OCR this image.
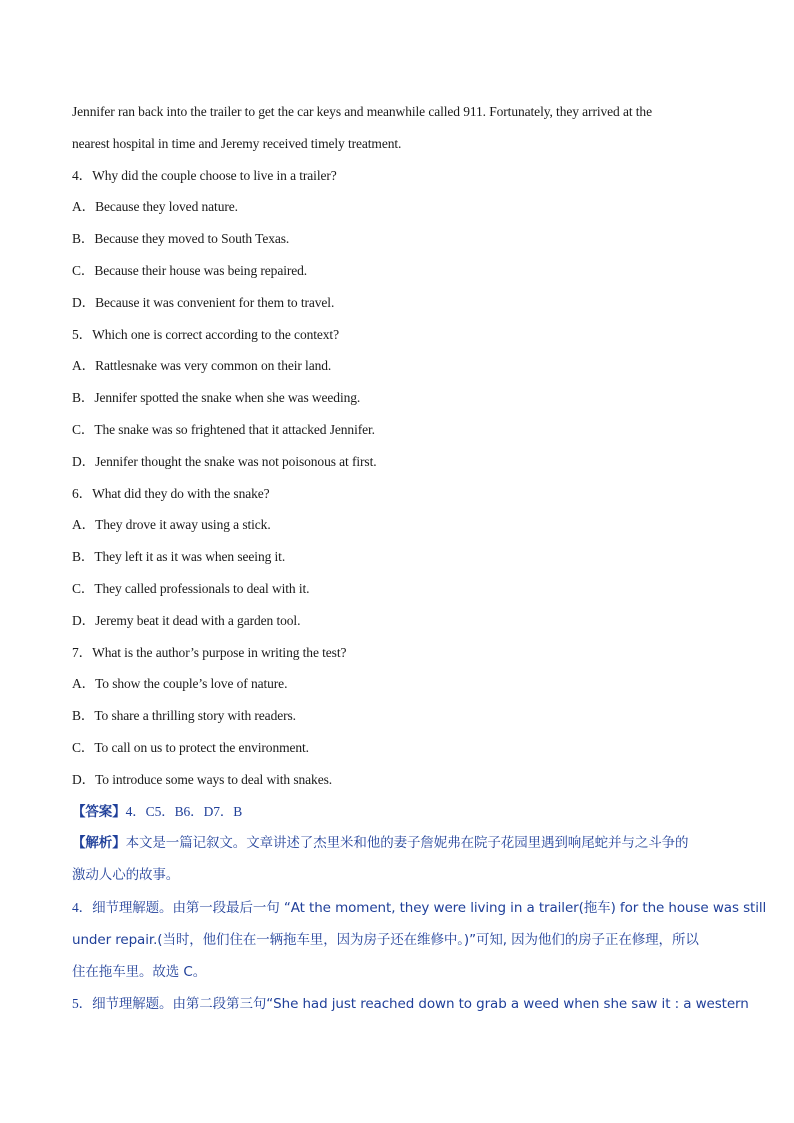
Jennifer ran back into the trailer to get the car keys and meanwhile called 911. Fortunately, they arrived at the
nearest hospital in time and Jeremy received timely treatment.
4．Why did the couple choose to live in a trailer?
A．Because they loved nature.
B．Because they moved to South Texas.
C．Because their house was being repaired.
D．Because it was convenient for them to travel.
5．Which one is correct according to the context?
A．Rattlesnake was very common on their land.
B．Jennifer spotted the snake when she was weeding.
C．The snake was so frightened that it attacked Jennifer.
D．Jennifer thought the snake was not poisonous at first.
6．What did they do with the snake?
A．They drove it away using a stick.
B．They left it as it was when seeing it.
C．They called professionals to deal with it.
D．Jeremy beat it dead with a garden tool.
7．What is the author’s purpose in writing the test?
A．To show the couple’s love of nature.
B．To share a thrilling story with readers.
C．To call on us to protect the environment.
D．To introduce some ways to deal with snakes.
【答案】4．C5．B6．D7．B
【解析】本文是一篇记叙文。文章讲述了杰里米和他的妻子詹妮弗在院子花园里遇到响尾蛇并与之斗争的
激动人心的故事。
4．细节理解题。由第一段最后一句 “At the moment, they were living in a trailer(拖车) for the house was still
under repair.(当时，他们住在一辆拖车里，因为房子还在维修中。)”可知, 因为他们的房子正在修理，所以
住在拖车里。故选 C。
5．细节理解题。由第二段第三句“She had just reached down to grab a weed when she saw it : a western
